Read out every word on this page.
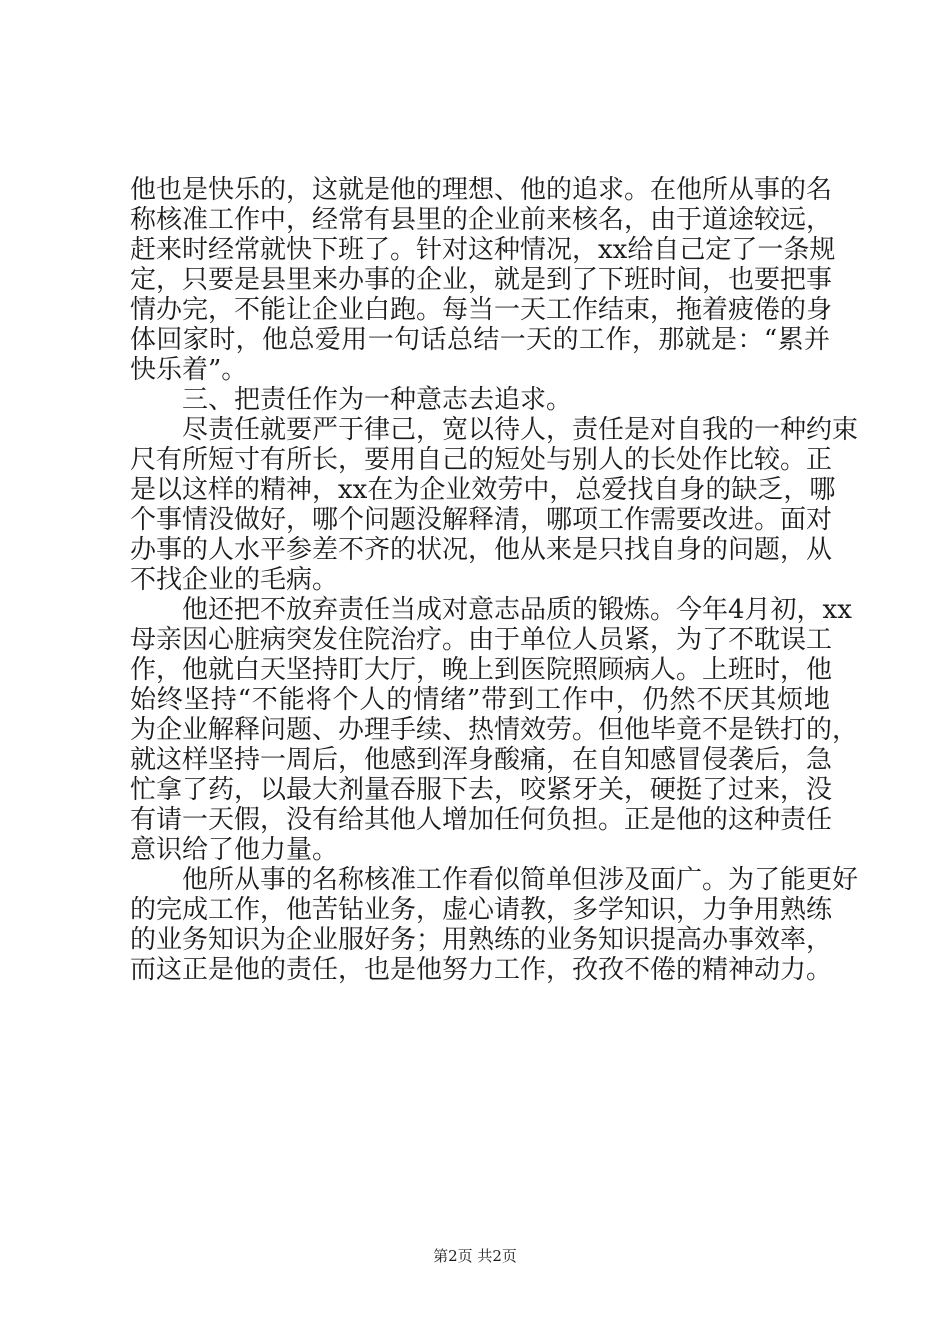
他也是快乐的，这就是他的理想、他的追求。在他所从事的名
称核准工作中，经常有县里的企业前来核名，由于道途较远，
赶来时经常就快下班了。针对这种情况，xx给自己定了一条规
定，只要是县里来办事的企业，就是到了下班时间，也要把事
情办完，不能让企业白跑。每当一天工作结束，拖着疲倦的身
体回家时，他总爱用一句话总结一天的工作，那就是：“累并
快乐着”。
三、把责任作为一种意志去追求。
尽责任就要严于律己，宽以待人，责任是对自我的一种约束
尺有所短寸有所长，要用自己的短处与别人的长处作比较。正
是以这样的精神，xx在为企业效劳中，总爱找自身的缺乏，哪
个事情没做好，哪个问题没解释清，哪项工作需要改进。面对
办事的人水平参差不齐的状况，他从来是只找自身的问题，从
不找企业的毛病。
他还把不放弃责任当成对意志品质的锻炼。今年4月初，xx
母亲因心脏病突发住院治疗。由于单位人员紧，为了不耽误工
作，他就白天坚持盯大厅，晚上到医院照顾病人。上班时，他
始终坚持“不能将个人的情绪”带到工作中，仍然不厌其烦地
为企业解释问题、办理手续、热情效劳。但他毕竟不是铁打的，
就这样坚持一周后，他感到浑身酸痛，在自知感冒侵袭后，急
忙拿了药，以最大剂量吞服下去，咬紧牙关，硬挺了过来，没
有请一天假，没有给其他人增加任何负担。正是他的这种责任
意识给了他力量。
他所从事的名称核准工作看似简单但涉及面广。为了能更好
的完成工作，他苦钻业务，虚心请教，多学知识，力争用熟练
的业务知识为企业服好务；用熟练的业务知识提高办事效率，
而这正是他的责任，也是他努力工作，孜孜不倦的精神动力。
第2页 共2页
